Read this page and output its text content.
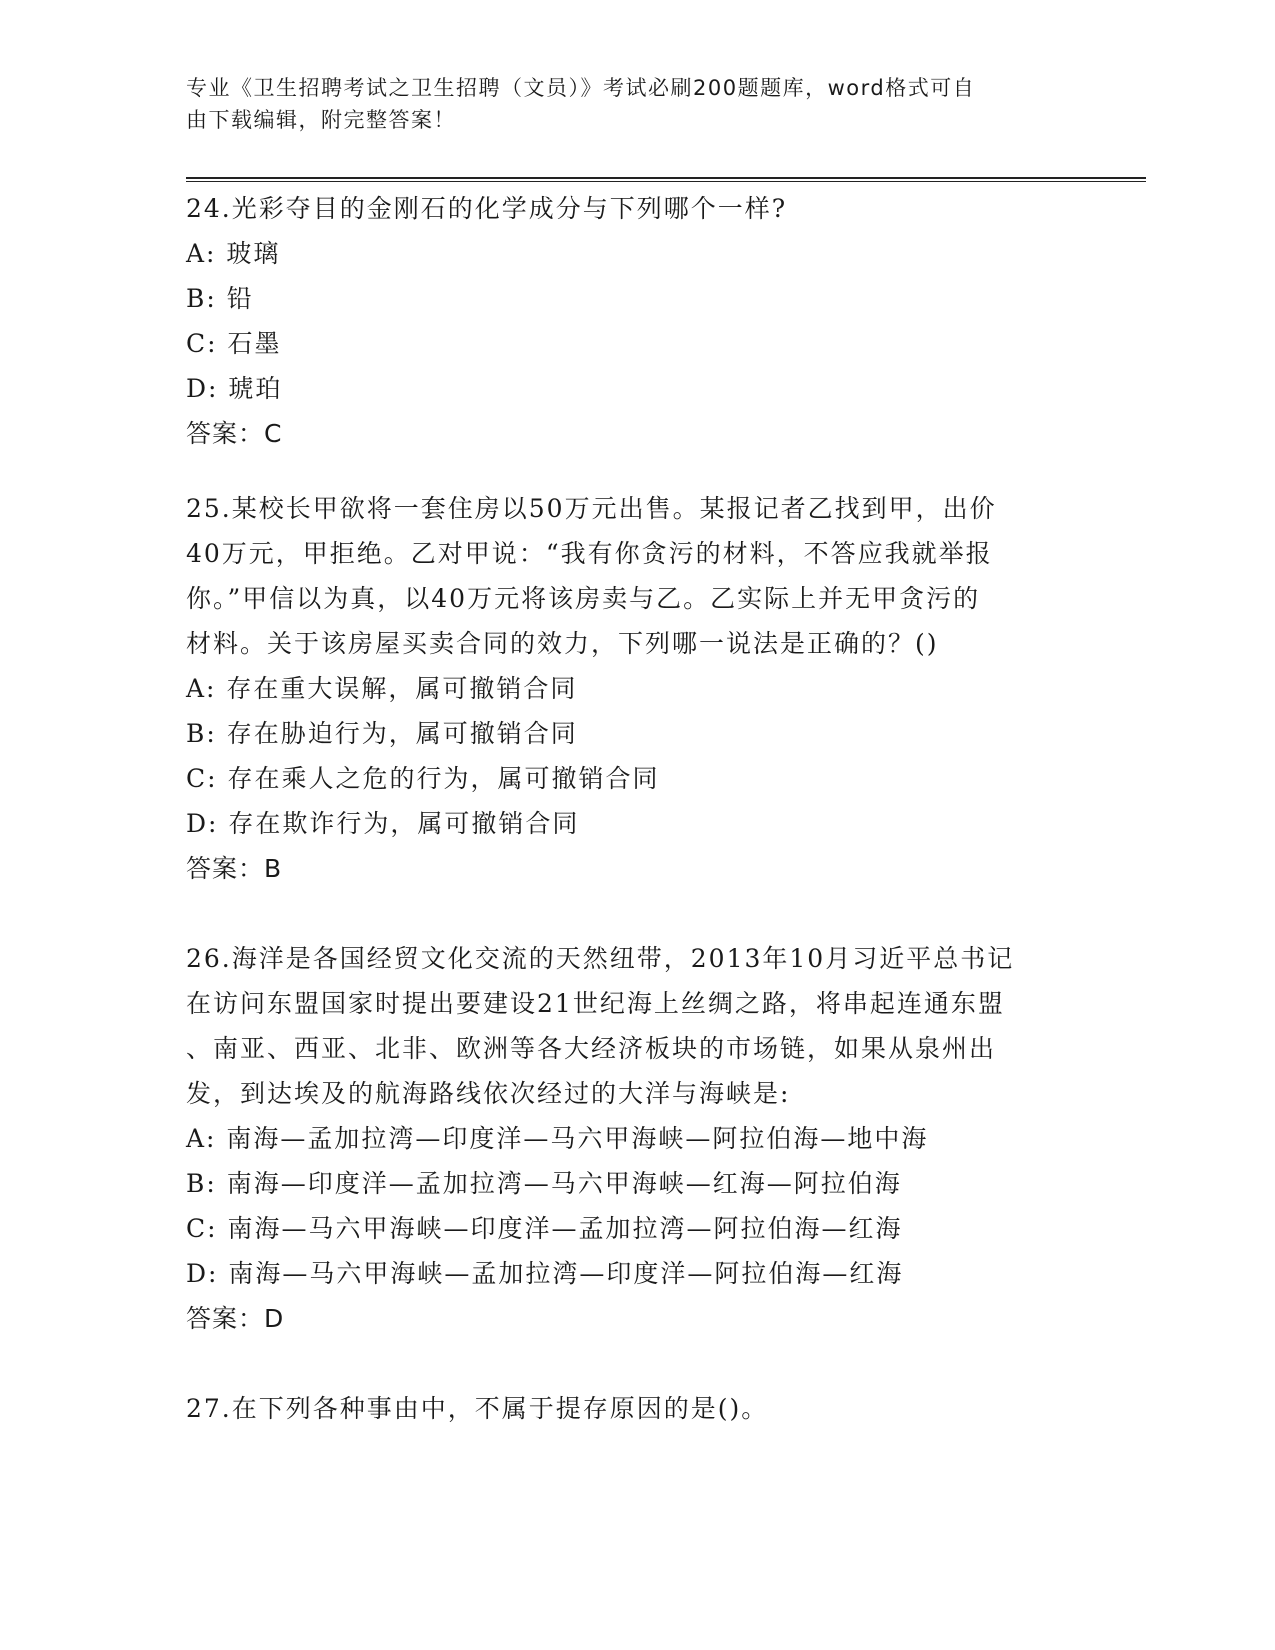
专业《卫生招聘考试之卫生招聘（文员）》考试必刷200题题库，word格式可自
由下载编辑，附完整答案！

24.光彩夺目的金刚石的化学成分与下列哪个一样?

A: 玻璃

B: 铅

C: 石墨

D: 琥珀

答案：C

25.某校长甲欲将一套住房以50万元出售。某报记者乙找到甲，出价

40万元，甲拒绝。乙对甲说：“我有你贪污的材料，不答应我就举报

你。”甲信以为真，以40万元将该房卖与乙。乙实际上并无甲贪污的

材料。关于该房屋买卖合同的效力，下列哪一说法是正确的？()

A: 存在重大误解，属可撤销合同

B: 存在胁迫行为，属可撤销合同

C: 存在乘人之危的行为，属可撤销合同

D: 存在欺诈行为，属可撤销合同

答案：B

26.海洋是各国经贸文化交流的天然纽带，2013年10月习近平总书记

在访问东盟国家时提出要建设21世纪海上丝绸之路，将串起连通东盟

、南亚、西亚、北非、欧洲等各大经济板块的市场链，如果从泉州出

发，到达埃及的航海路线依次经过的大洋与海峡是:

A: 南海—孟加拉湾—印度洋—马六甲海峡—阿拉伯海—地中海

B: 南海—印度洋—孟加拉湾—马六甲海峡—红海—阿拉伯海

C: 南海—马六甲海峡—印度洋—孟加拉湾—阿拉伯海—红海

D: 南海—马六甲海峡—孟加拉湾—印度洋—阿拉伯海—红海

答案：D

27.在下列各种事由中，不属于提存原因的是()。
